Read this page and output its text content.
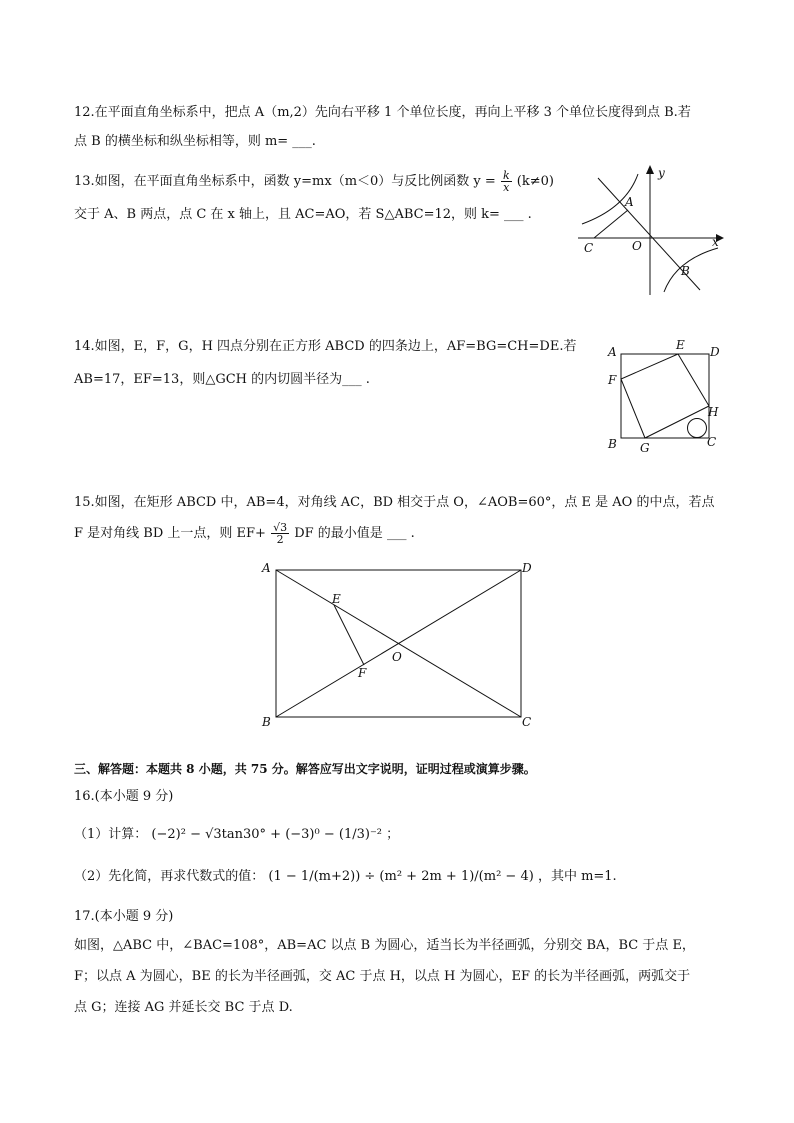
12.在平面直角坐标系中，把点 A（m,2）先向右平移 1 个单位长度，再向上平移 3 个单位长度得到点 B.若
点 B 的横坐标和纵坐标相等，则 m= ___.
13.如图，在平面直角坐标系中，函数 y=mx（m＜0）与反比例函数 $y = \frac{k}{x} (k\ne 0)$
交于 A、B 两点，点 C 在 x 轴上，且 AC=AO，若 S△ABC=12，则 k= ___ .
y
x
A
B
C	O
14.如图，E，F，G，H 四点分别在正方形 ABCD 的四条边上，AF=BG=CH=DE.若
AB=17，EF=13，则△GCH 的内切圆半径为___ .
A	E D
F
H
B G	C
15.如图，在矩形 ABCD 中，AB=4，对角线 AC，BD 相交于点 O，∠AOB=60°，点 E 是 AO 的中点，若点
F 是对角线 BD 上一点，则 $EF+ \frac{√3}{2}$ DF 的最小值是 ___ .
A	D
E
O
F
B	C
三、解答题：本题共 8 小题，共 75 分。解答应写出文字说明，证明过程或演算步骤。
16.(本小题 9 分)
（1）计算： (−2)² − √3tan30° + (−3)⁰ − (1/3)⁻² ；
（2）先化简，再求代数式的值： (1 − 1/(m+2)) ÷ (m² + 2m + 1)/(m² − 4) ，其中 m=1.
17.(本小题 9 分)
如图，△ABC 中，∠BAC=108°，AB=AC 以点 B 为圆心，适当长为半径画弧，分别交 BA，BC 于点 E，
F；以点 A 为圆心，BE 的长为半径画弧，交 AC 于点 H，以点 H 为圆心，EF 的长为半径画弧，两弧交于
点 G；连接 AG 并延长交 BC 于点 D.
